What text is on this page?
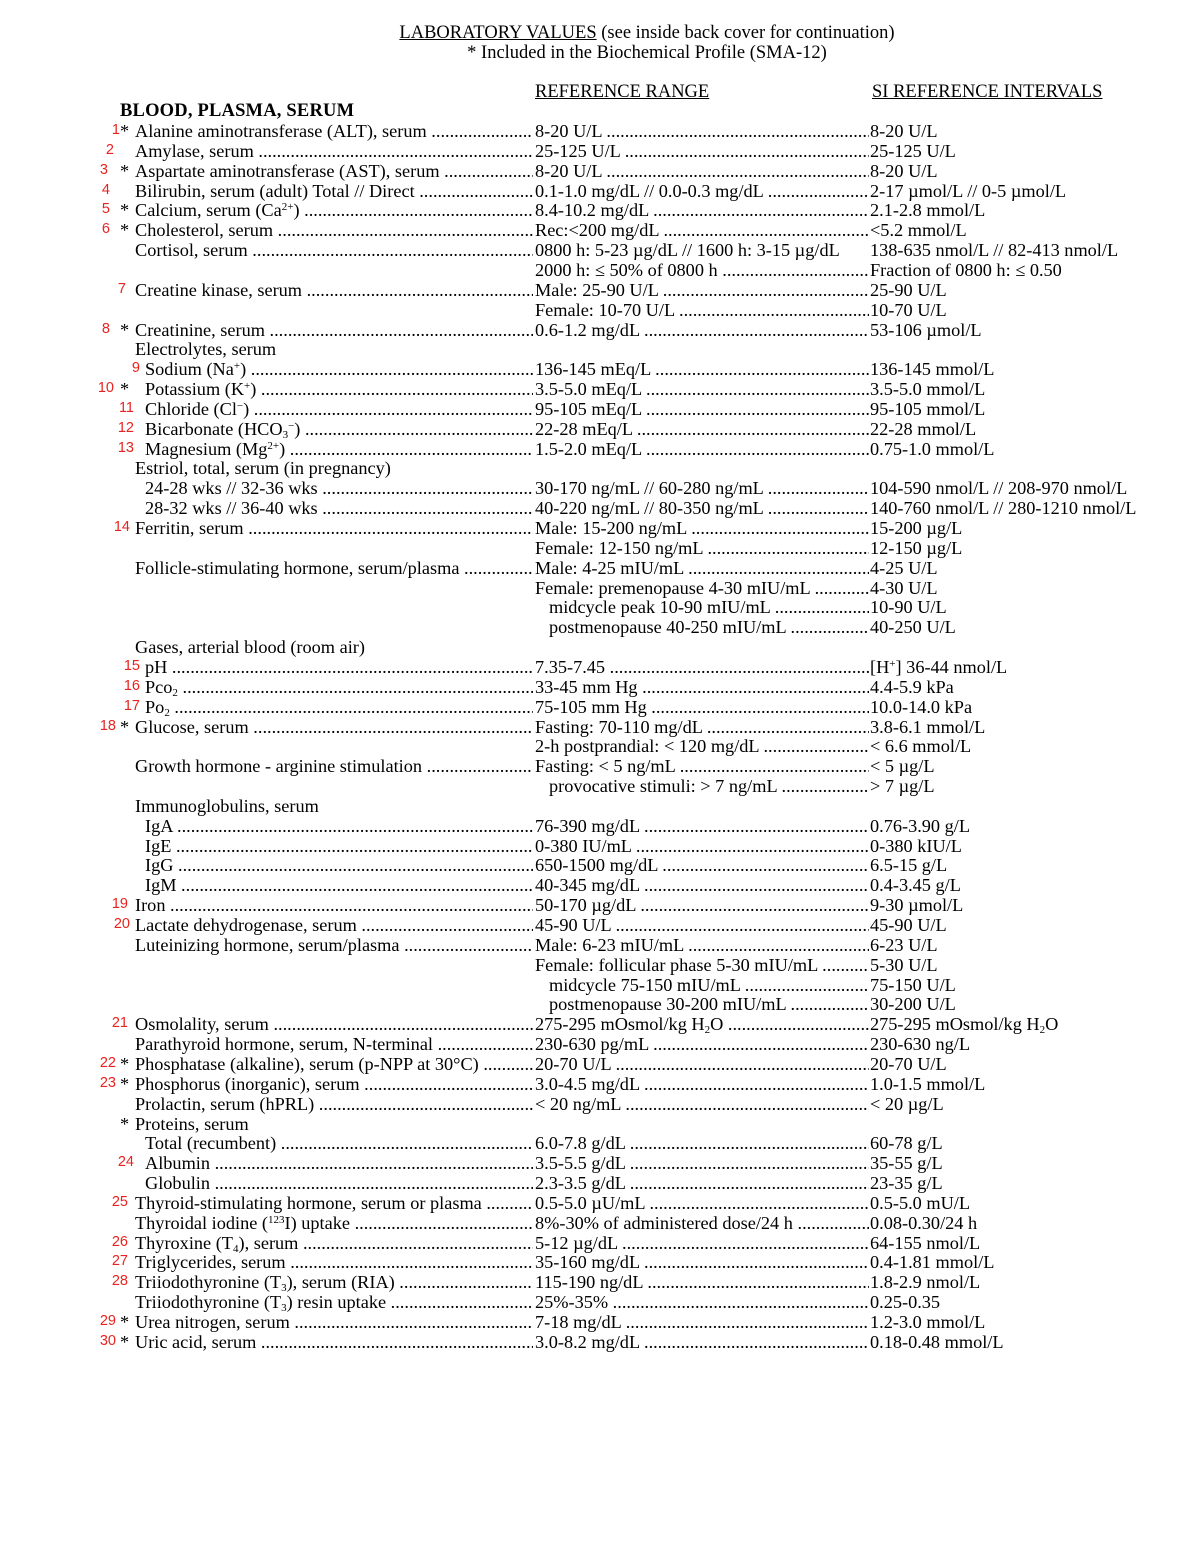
LABORATORY VALUES (see inside back cover for continuation)
* Included in the Biochemical Profile (SMA-12)
REFERENCE RANGE	SI REFERENCE INTERVALS
BLOOD, PLASMA, SERUM
1 * Alanine aminotransferase (ALT), serum .....	8-20 U/L .....	8-20 U/L
2 Amylase, serum .....	25-125 U/L .....	25-125 U/L
3 * Aspartate aminotransferase (AST), serum .....	8-20 U/L .....	8-20 U/L
4 Bilirubin, serum (adult) Total // Direct .....	0.1-1.0 mg/dL // 0.0-0.3 mg/dL .....	2-17 µmol/L // 0-5 µmol/L
5 * Calcium, serum $(Ca^{2+})$ .....	8.4-10.2 mg/dL .....	2.1-2.8 mmol/L
6 * Cholesterol, serum .....	Rec:<200 mg/dL .....	<5.2 mmol/L
Cortisol, serum .....	0800 h: 5-23 µg/dL // 1600 h: 3-15 µg/dL	138-635 nmol/L // 82-413 nmol/L
2000 h: ≤ 50% of 0800 h .....	Fraction of 0800 h: ≤ 0.50
7 Creatine kinase, serum .....	Male: 25-90 U/L .....	25-90 U/L
Female: 10-70 U/L .....	10-70 U/L
8 * Creatinine, serum .....	0.6-1.2 mg/dL .....	53-106 µmol/L
Electrolytes, serum
9 Sodium (Na+) .....	136-145 mEq/L .....	136-145 mmol/L
10 * Potassium (K+) .....	3.5-5.0 mEq/L .....	3.5-5.0 mmol/L
11 Chloride (Cl−) .....	95-105 mEq/L .....	95-105 mmol/L
12 Bicarbonate $(HCO_3^-)$ .....	22-28 mEq/L .....	22-28 mmol/L
13 Magnesium $(Mg^{2+})$ .....	1.5-2.0 mEq/L .....	0.75-1.0 mmol/L
Estriol, total, serum (in pregnancy)
24-28 wks // 32-36 wks .....	30-170 ng/mL // 60-280 ng/mL .....	104-590 nmol/L // 208-970 nmol/L
28-32 wks // 36-40 wks .....	40-220 ng/mL // 80-350 ng/mL .....	140-760 nmol/L // 280-1210 nmol/L
14 Ferritin, serum .....	Male: 15-200 ng/mL .....	15-200 µg/L
Female: 12-150 ng/mL .....	12-150 µg/L
Follicle-stimulating hormone, serum/plasma .....	Male: 4-25 mIU/mL .....	4-25 U/L
Female: premenopause 4-30 mIU/mL .....	4-30 U/L
midcycle peak 10-90 mIU/mL .....	10-90 U/L
postmenopause 40-250 mIU/mL .....	40-250 U/L
Gases, arterial blood (room air)
15 pH .....	7.35-7.45 .....	[H+] 36-44 nmol/L
16 Pco$_2$ .....	33-45 mm Hg .....	4.4-5.9 kPa
17 $Po_2$ .....	75-105 mm Hg .....	10.0-14.0 kPa
18 * Glucose, serum .....	Fasting: 70-110 mg/dL .....	3.8-6.1 mmol/L
2-h postprandial: < 120 mg/dL .....	< 6.6 mmol/L
Growth hormone - arginine stimulation .....	Fasting: < 5 ng/mL .....	< 5 µg/L
provocative stimuli: > 7 ng/mL .....	> 7 µg/L
Immunoglobulins, serum
IgA .....	76-390 mg/dL .....	0.76-3.90 g/L
IgE .....	0-380 IU/mL .....	0-380 kIU/L
IgG .....	650-1500 mg/dL .....	6.5-15 g/L
IgM .....	40-345 mg/dL .....	0.4-3.45 g/L
19 Iron .....	50-170 µg/dL .....	9-30 µmol/L
20 Lactate dehydrogenase, serum .....	45-90 U/L .....	45-90 U/L
Luteinizing hormone, serum/plasma .....	Male: 6-23 mIU/mL .....	6-23 U/L
Female: follicular phase 5-30 mIU/mL .....	5-30 U/L
midcycle 75-150 mIU/mL .....	75-150 U/L
postmenopause 30-200 mIU/mL .....	30-200 U/L
21 Osmolality, serum .....	275-295 mOsmol/kg $H_2O$ .....	275-295 mOsmol/kg $H_2O$
Parathyroid hormone, serum, N-terminal .....	230-630 pg/mL .....	230-630 ng/L
22 * Phosphatase (alkaline), serum (p-NPP at 30°C) .....	20-70 U/L .....	20-70 U/L
23 * Phosphorus (inorganic), serum .....	3.0-4.5 mg/dL .....	1.0-1.5 mmol/L
Prolactin, serum (hPRL) .....	< 20 ng/mL .....	< 20 µg/L
* Proteins, serum
Total (recumbent) .....	6.0-7.8 g/dL .....	60-78 g/L
24 Albumin .....	3.5-5.5 g/dL .....	35-55 g/L
Globulin .....	2.3-3.5 g/dL .....	23-35 g/L
25 Thyroid-stimulating hormone, serum or plasma .....	0.5-5.0 µU/mL .....	0.5-5.0 mU/L
Thyroidal iodine ($^{123}$I) uptake .....	8%-30% of administered dose/24 h .....	0.08-0.30/24 h
26 Thyroxine $(T_4)$, serum .....	5-12 µg/dL .....	64-155 nmol/L
27 Triglycerides, serum .....	35-160 mg/dL .....	0.4-1.81 mmol/L
28 Triiodothyronine $(T_3)$, serum (RIA) .....	115-190 ng/dL .....	1.8-2.9 nmol/L
Triiodothyronine $(T_3)$ resin uptake .....	25%-35% .....	0.25-0.35
29 * Urea nitrogen, serum .....	7-18 mg/dL .....	1.2-3.0 mmol/L
30 * Uric acid, serum .....	3.0-8.2 mg/dL .....	0.18-0.48 mmol/L
